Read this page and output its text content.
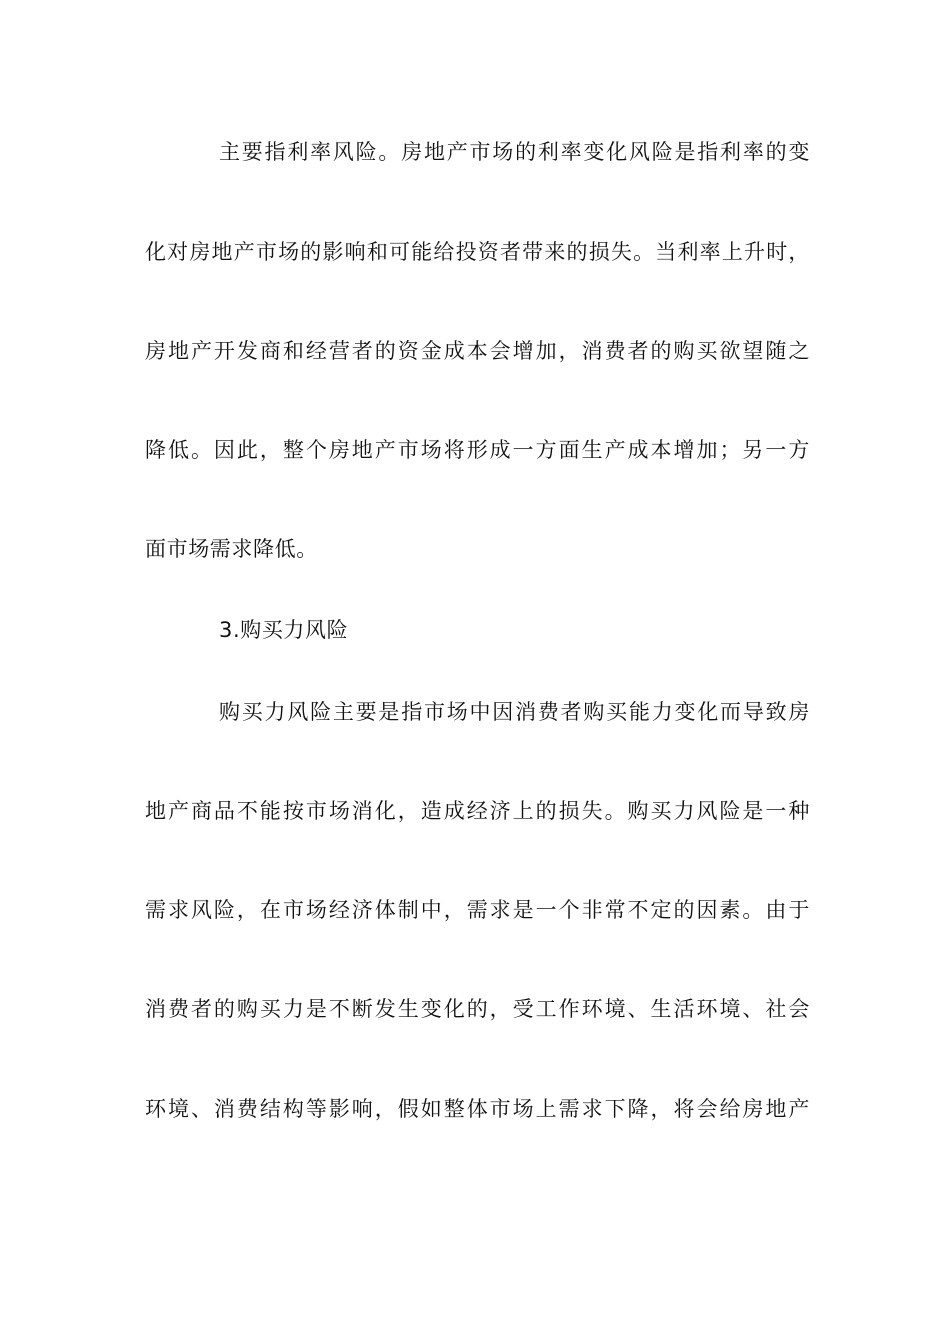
主要指利率风险。房地产市场的利率变化风险是指利率的变
化对房地产市场的影响和可能给投资者带来的损失。当利率上升时，
房地产开发商和经营者的资金成本会增加，消费者的购买欲望随之
降低。因此，整个房地产市场将形成一方面生产成本增加；另一方
面市场需求降低。
3.购买力风险
购买力风险主要是指市场中因消费者购买能力变化而导致房
地产商品不能按市场消化，造成经济上的损失。购买力风险是一种
需求风险，在市场经济体制中，需求是一个非常不定的因素。由于
消费者的购买力是不断发生变化的，受工作环境、生活环境、社会
环境、消费结构等影响，假如整体市场上需求下降，将会给房地产
